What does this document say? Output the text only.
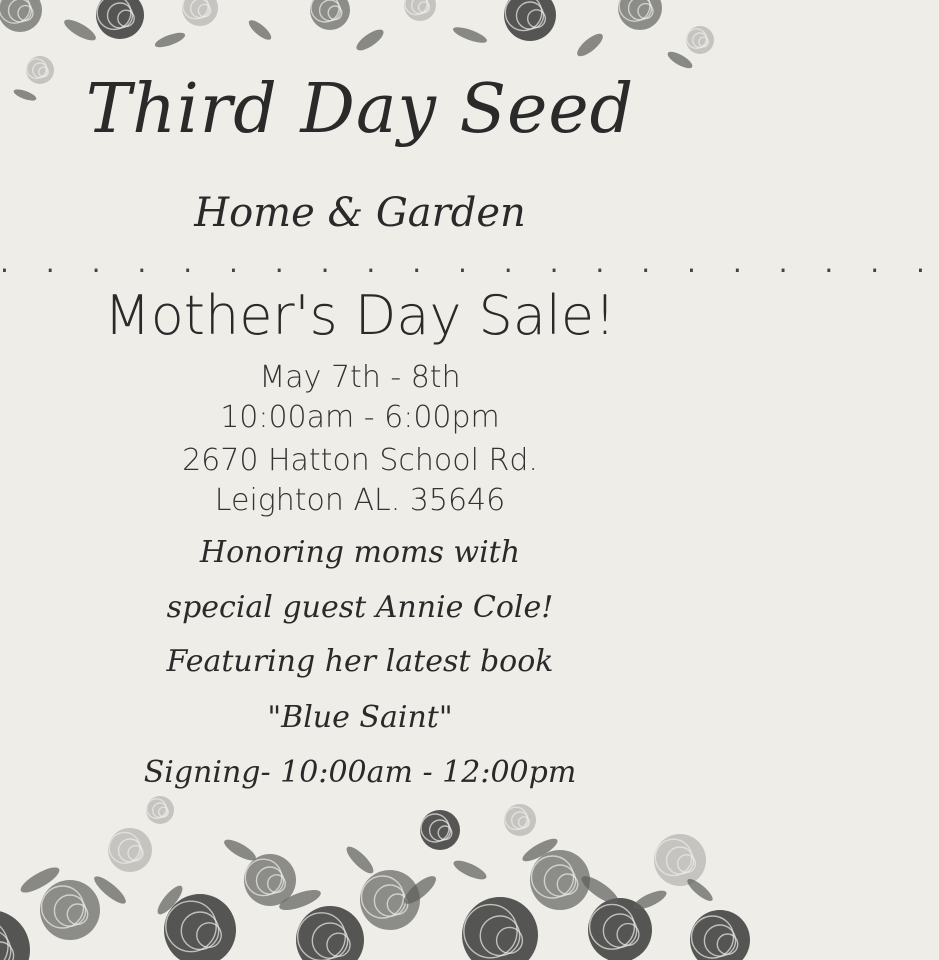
Third Day Seed
Home & Garden
. . . . . . . . . . . . . . . . . . . . .
Mother's Day Sale!
May 7th - 8th
10:00am - 6:00pm
2670 Hatton School Rd.
Leighton AL. 35646
Honoring moms with
special guest Annie Cole!
Featuring her latest book
"Blue Saint"
Signing- 10:00am - 12:00pm
